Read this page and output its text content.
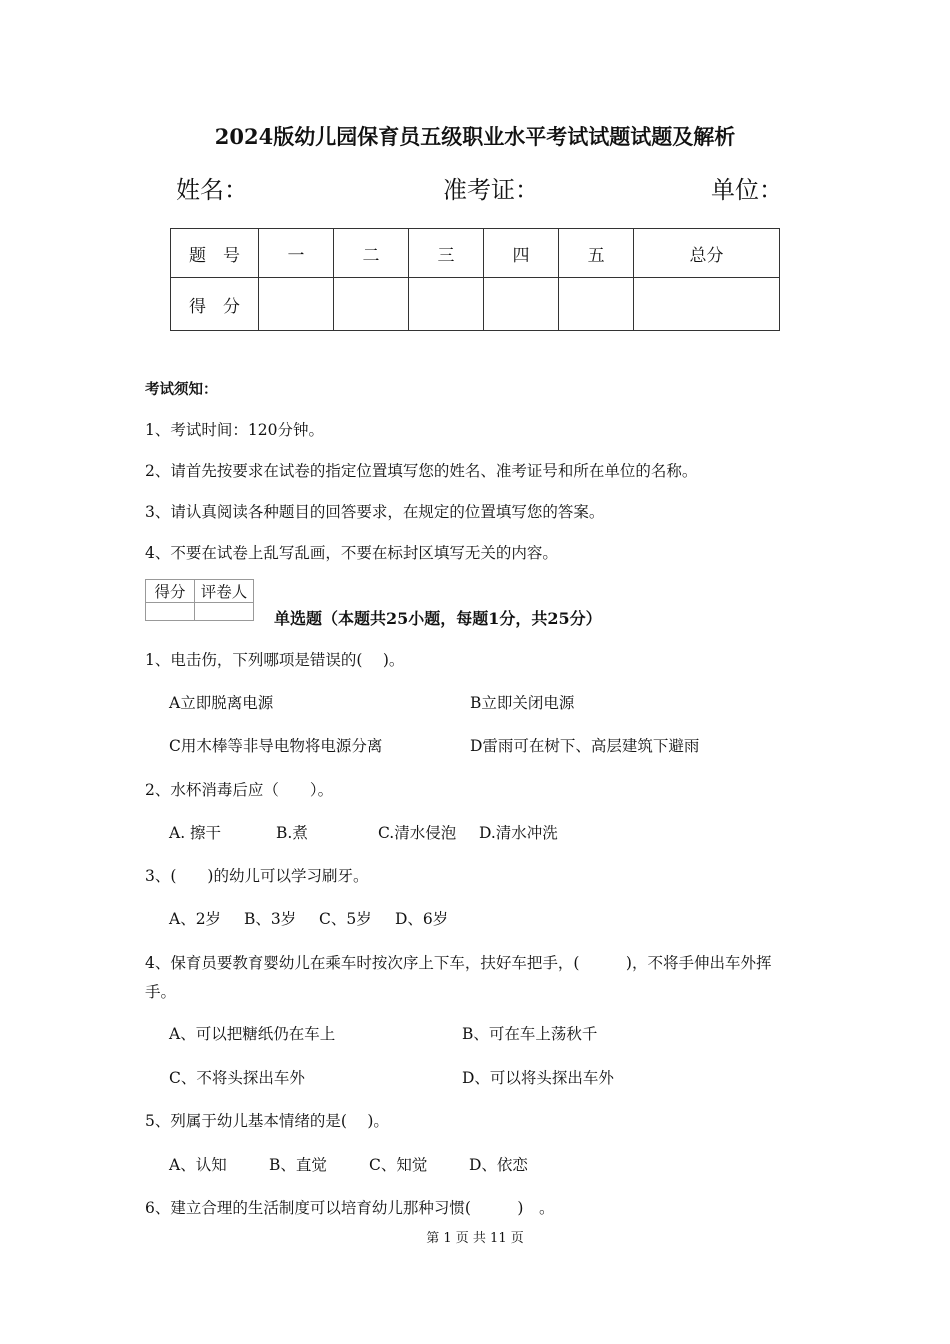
2024版幼儿园保育员五级职业水平考试试题试题及解析
姓名：	准考证：	单位：
题　号	一	二	三	四	五	总分
得　分						
考试须知：
1、考试时间：120分钟。
2、请首先按要求在试卷的指定位置填写您的姓名、准考证号和所在单位的名称。
3、请认真阅读各种题目的回答要求，在规定的位置填写您的答案。
4、不要在试卷上乱写乱画，不要在标封区填写无关的内容。
得分	评卷人

单选题（本题共25小题，每题1分，共25分）
1、电击伤，下列哪项是错误的(　 )。
A立即脱离电源	B立即关闭电源
C用木棒等非导电物将电源分离	D雷雨可在树下、高层建筑下避雨
2、水杯消毒后应（　　）。
A. 擦干	B.煮	C.清水侵泡 D.清水冲洗
3、(　　)的幼儿可以学习刷牙。
A、2岁 B、3岁 C、5岁 D、6岁
4、保育员要教育婴幼儿在乘车时按次序上下车，扶好车把手，(　　　)，不将手伸出车外挥
手。
A、可以把糖纸仍在车上	B、可在车上荡秋千
C、不将头探出车外	D、可以将头探出车外
5、列属于幼儿基本情绪的是(　 )。
A、认知	B、直觉	C、知觉	D、依恋
6、建立合理的生活制度可以培育幼儿那种习惯(　　　)　。
第 1 页 共 11 页
